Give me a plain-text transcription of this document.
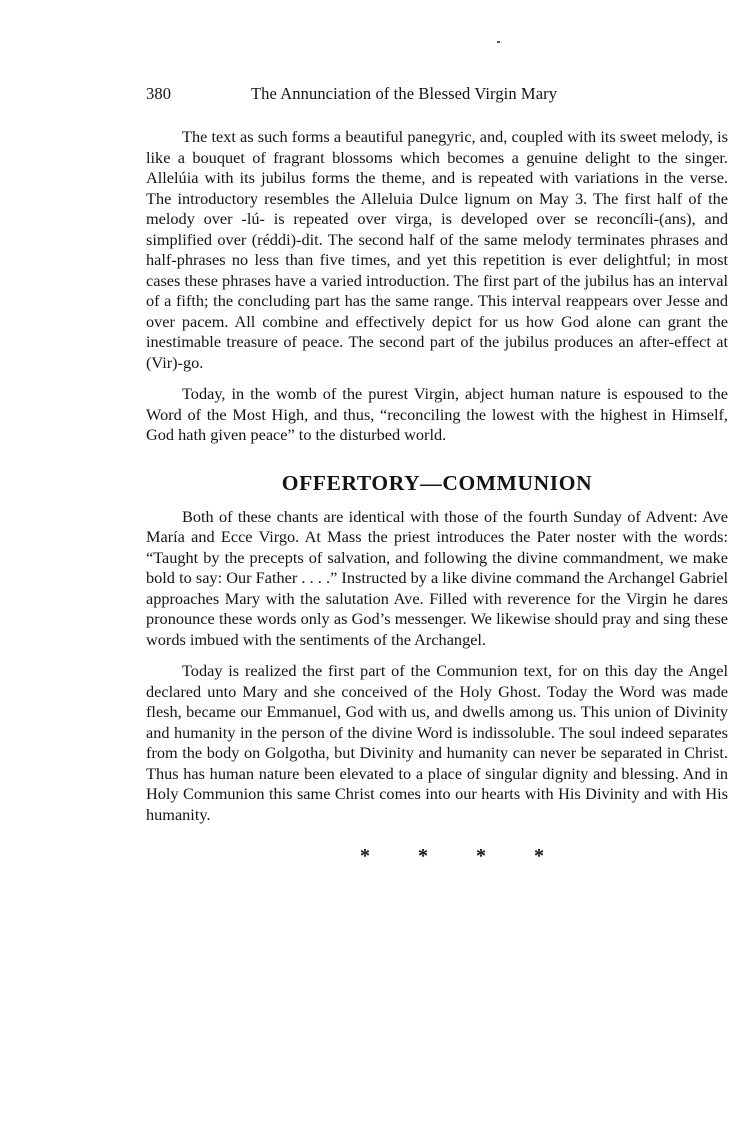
380	The Annunciation of the Blessed Virgin Mary

The text as such forms a beautiful panegyric, and, coupled with its sweet melody, is like a bouquet of fragrant blossoms which becomes a genuine delight to the singer. Allelúia with its jubilus forms the theme, and is repeated with variations in the verse. The introductory resembles the Alleluia Dulce lignum on May 3. The first half of the melody over -lú- is repeated over virga, is developed over se reconcíli-(ans), and simplified over (réddi)-dit. The second half of the same melody terminates phrases and half-phrases no less than five times, and yet this repetition is ever delightful; in most cases these phrases have a varied introduction. The first part of the jubilus has an interval of a fifth; the concluding part has the same range. This interval reappears over Jesse and over pacem. All combine and effectively depict for us how God alone can grant the inestimable treasure of peace. The second part of the jubilus produces an after-effect at (Vir)-go.

Today, in the womb of the purest Virgin, abject human nature is espoused to the Word of the Most High, and thus, “reconciling the lowest with the highest in Himself, God hath given peace” to the disturbed world.

OFFERTORY—COMMUNION

Both of these chants are identical with those of the fourth Sunday of Advent: Ave María and Ecce Virgo. At Mass the priest introduces the Pater noster with the words: “Taught by the precepts of salvation, and following the divine commandment, we make bold to say: Our Father . . . .” Instructed by a like divine command the Archangel Gabriel approaches Mary with the salutation Ave. Filled with reverence for the Virgin he dares pronounce these words only as God’s messenger. We likewise should pray and sing these words imbued with the sentiments of the Archangel.

Today is realized the first part of the Communion text, for on this day the Angel declared unto Mary and she conceived of the Holy Ghost. Today the Word was made flesh, became our Emmanuel, God with us, and dwells among us. This union of Divinity and humanity in the person of the divine Word is indissoluble. The soul indeed separates from the body on Golgotha, but Divinity and humanity can never be separated in Christ. Thus has human nature been elevated to a place of singular dignity and blessing. And in Holy Communion this same Christ comes into our hearts with His Divinity and with His humanity.

* * * *
